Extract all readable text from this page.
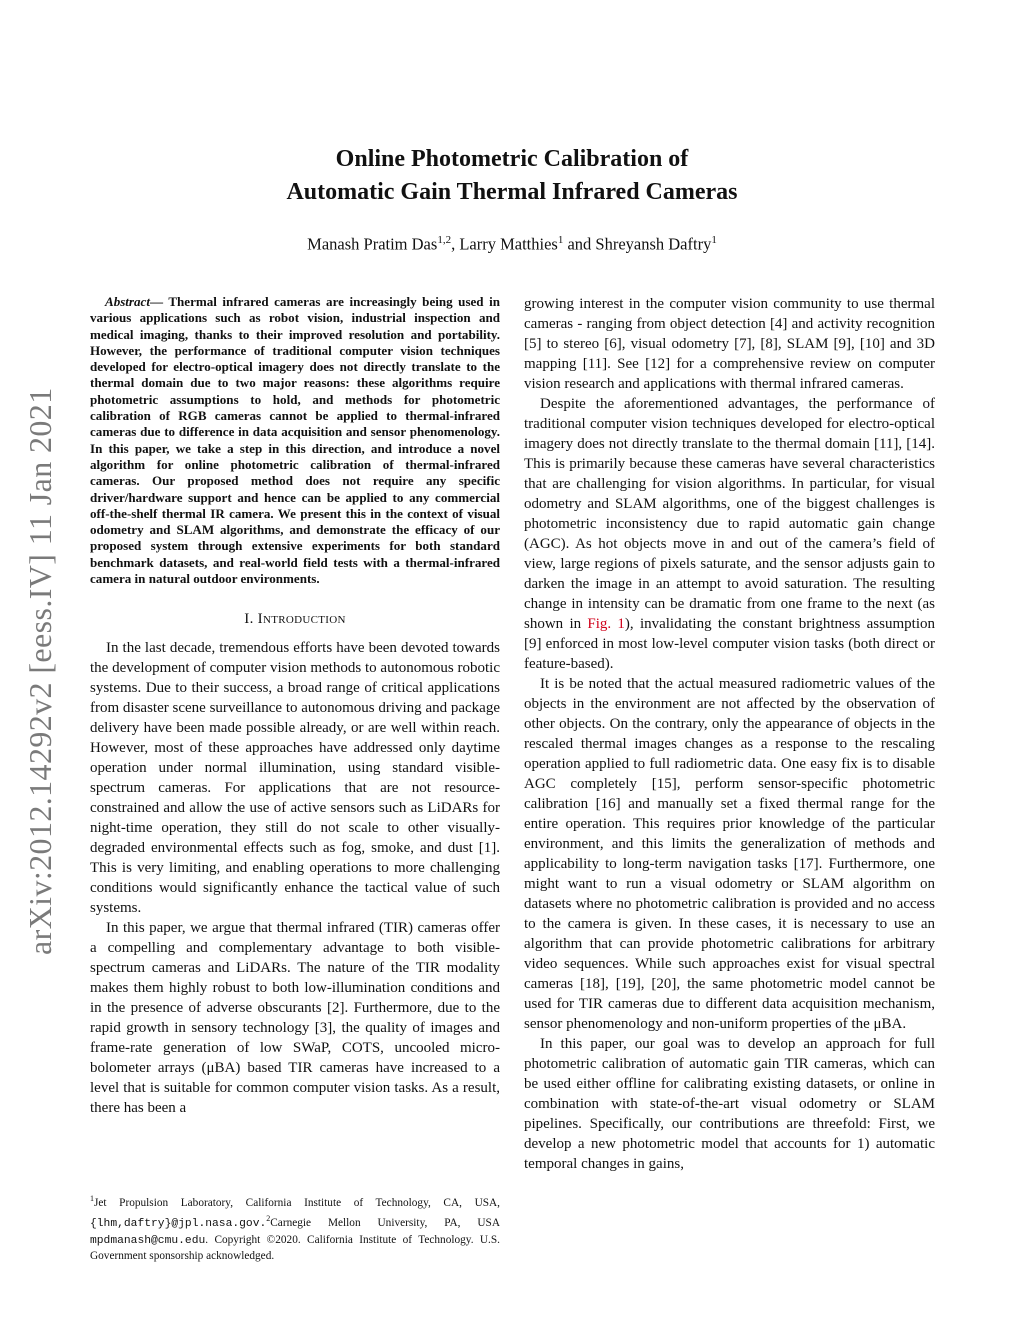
arXiv:2012.14292v2 [eess.IV] 11 Jan 2021
Online Photometric Calibration of
Automatic Gain Thermal Infrared Cameras
Manash Pratim Das$^{1,2}$, Larry Matthies$^1$ and Shreyansh Daftry$^1$

Abstract— Thermal infrared cameras are increasingly being used in various applications such as robot vision, industrial inspection and medical imaging, thanks to their improved resolution and portability. However, the performance of traditional computer vision techniques developed for electro-optical imagery does not directly translate to the thermal domain due to two major reasons: these algorithms require photometric assumptions to hold, and methods for photometric calibration of RGB cameras cannot be applied to thermal-infrared cameras due to difference in data acquisition and sensor phenomenology. In this paper, we take a step in this direction, and introduce a novel algorithm for online photometric calibration of thermal-infrared cameras. Our proposed method does not require any specific driver/hardware support and hence can be applied to any commercial off-the-shelf thermal IR camera. We present this in the context of visual odometry and SLAM algorithms, and demonstrate the efficacy of our proposed system through extensive experiments for both standard benchmark datasets, and real-world field tests with a thermal-infrared camera in natural outdoor environments.

I. Introduction

In the last decade, tremendous efforts have been devoted towards the development of computer vision methods to autonomous robotic systems. Due to their success, a broad range of critical applications from disaster scene surveillance to autonomous driving and package delivery have been made possible already, or are well within reach. However, most of these approaches have addressed only daytime operation under normal illumination, using standard visible-spectrum cameras. For applications that are not resource-constrained and allow the use of active sensors such as LiDARs for night-time operation, they still do not scale to other visually-degraded environmental effects such as fog, smoke, and dust [1]. This is very limiting, and enabling operations to more challenging conditions would significantly enhance the tactical value of such systems.

In this paper, we argue that thermal infrared (TIR) cameras offer a compelling and complementary advantage to both visible-spectrum cameras and LiDARs. The nature of the TIR modality makes them highly robust to both low-illumination conditions and in the presence of adverse obscurants [2]. Furthermore, due to the rapid growth in sensory technology [3], the quality of images and frame-rate generation of low SWaP, COTS, uncooled micro-bolometer arrays (μBA) based TIR cameras have increased to a level that is suitable for common computer vision tasks. As a result, there has been a

growing interest in the computer vision community to use thermal cameras - ranging from object detection [4] and activity recognition [5] to stereo [6], visual odometry [7], [8], SLAM [9], [10] and 3D mapping [11]. See [12] for a comprehensive review on computer vision research and applications with thermal infrared cameras.

Despite the aforementioned advantages, the performance of traditional computer vision techniques developed for electro-optical imagery does not directly translate to the thermal domain [11], [14]. This is primarily because these cameras have several characteristics that are challenging for vision algorithms. In particular, for visual odometry and SLAM algorithms, one of the biggest challenges is photometric inconsistency due to rapid automatic gain change (AGC). As hot objects move in and out of the camera’s field of view, large regions of pixels saturate, and the sensor adjusts gain to darken the image in an attempt to avoid saturation. The resulting change in intensity can be dramatic from one frame to the next (as shown in Fig. 1), invalidating the constant brightness assumption [9] enforced in most low-level computer vision tasks (both direct or feature-based).

It is be noted that the actual measured radiometric values of the objects in the environment are not affected by the observation of other objects. On the contrary, only the appearance of objects in the rescaled thermal images changes as a response to the rescaling operation applied to full radiometric data. One easy fix is to disable AGC completely [15], perform sensor-specific photometric calibration [16] and manually set a fixed thermal range for the entire operation. This requires prior knowledge of the particular environment, and this limits the generalization of methods and applicability to long-term navigation tasks [17]. Furthermore, one might want to run a visual odometry or SLAM algorithm on datasets where no photometric calibration is provided and no access to the camera is given. In these cases, it is necessary to use an algorithm that can provide photometric calibrations for arbitrary video sequences. While such approaches exist for visual spectral cameras [18], [19], [20], the same photometric model cannot be used for TIR cameras due to different data acquisition mechanism, sensor phenomenology and non-uniform properties of the μBA.

In this paper, our goal was to develop an approach for full photometric calibration of automatic gain TIR cameras, which can be used either offline for calibrating existing datasets, or online in combination with state-of-the-art visual odometry or SLAM pipelines. Specifically, our contributions are threefold: First, we develop a new photometric model that accounts for 1) automatic temporal changes in gains,

$^1$Jet Propulsion Laboratory, California Institute of Technology, CA, USA, {lhm,daftry}@jpl.nasa.gov.$^2$Carnegie Mellon University, PA, USA mpdmanash@cmu.edu. Copyright ©2020. California Institute of Technology. U.S. Government sponsorship acknowledged.
